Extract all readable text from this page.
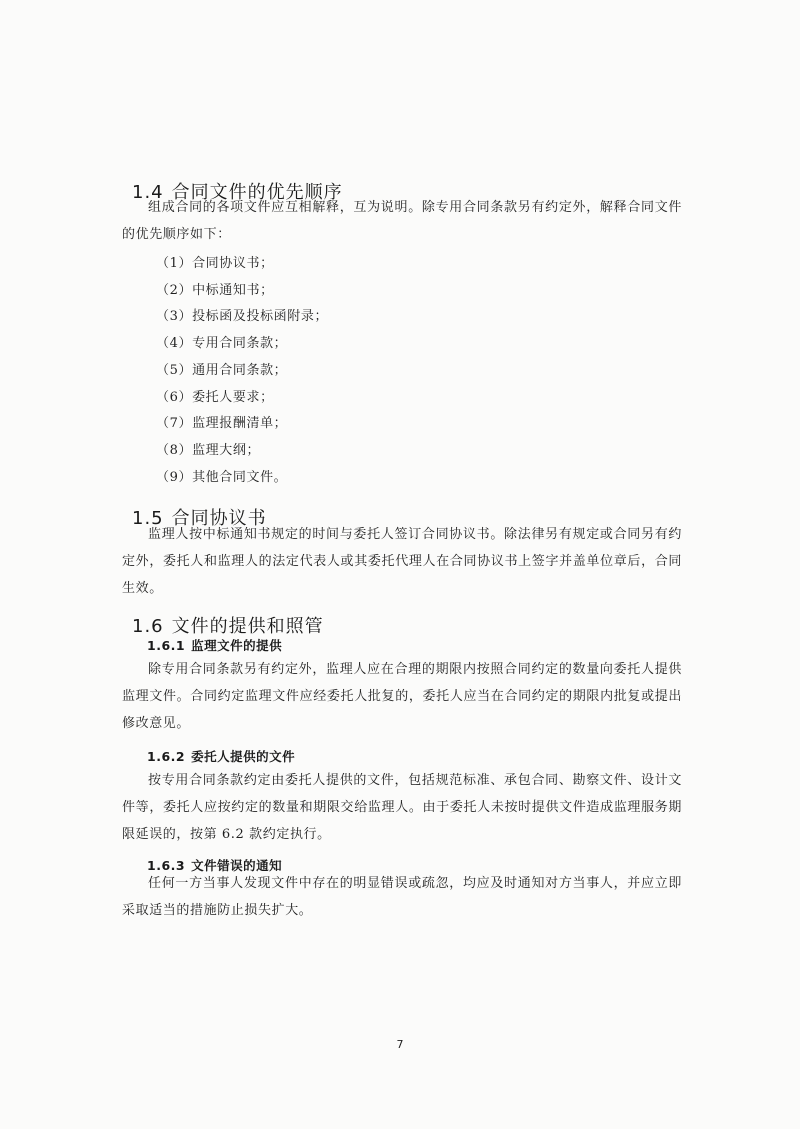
1.4 合同文件的优先顺序

组成合同的各项文件应互相解释，互为说明。除专用合同条款另有约定外，解释合同文件的优先顺序如下：

（1）合同协议书；
（2）中标通知书；
（3）投标函及投标函附录；
（4）专用合同条款；
（5）通用合同条款；
（6）委托人要求；
（7）监理报酬清单；
（8）监理大纲；
（9）其他合同文件。
1.5 合同协议书

监理人按中标通知书规定的时间与委托人签订合同协议书。除法律另有规定或合同另有约定外，委托人和监理人的法定代表人或其委托代理人在合同协议书上签字并盖单位章后，合同生效。

1.6 文件的提供和照管
1.6.1 监理文件的提供

除专用合同条款另有约定外，监理人应在合理的期限内按照合同约定的数量向委托人提供监理文件。合同约定监理文件应经委托人批复的，委托人应当在合同约定的期限内批复或提出修改意见。

1.6.2 委托人提供的文件

按专用合同条款约定由委托人提供的文件，包括规范标准、承包合同、勘察文件、设计文件等，委托人应按约定的数量和期限交给监理人。由于委托人未按时提供文件造成监理服务期限延误的，按第 6.2 款约定执行。

1.6.3 文件错误的通知

任何一方当事人发现文件中存在的明显错误或疏忽，均应及时通知对方当事人，并应立即采取适当的措施防止损失扩大。

7
